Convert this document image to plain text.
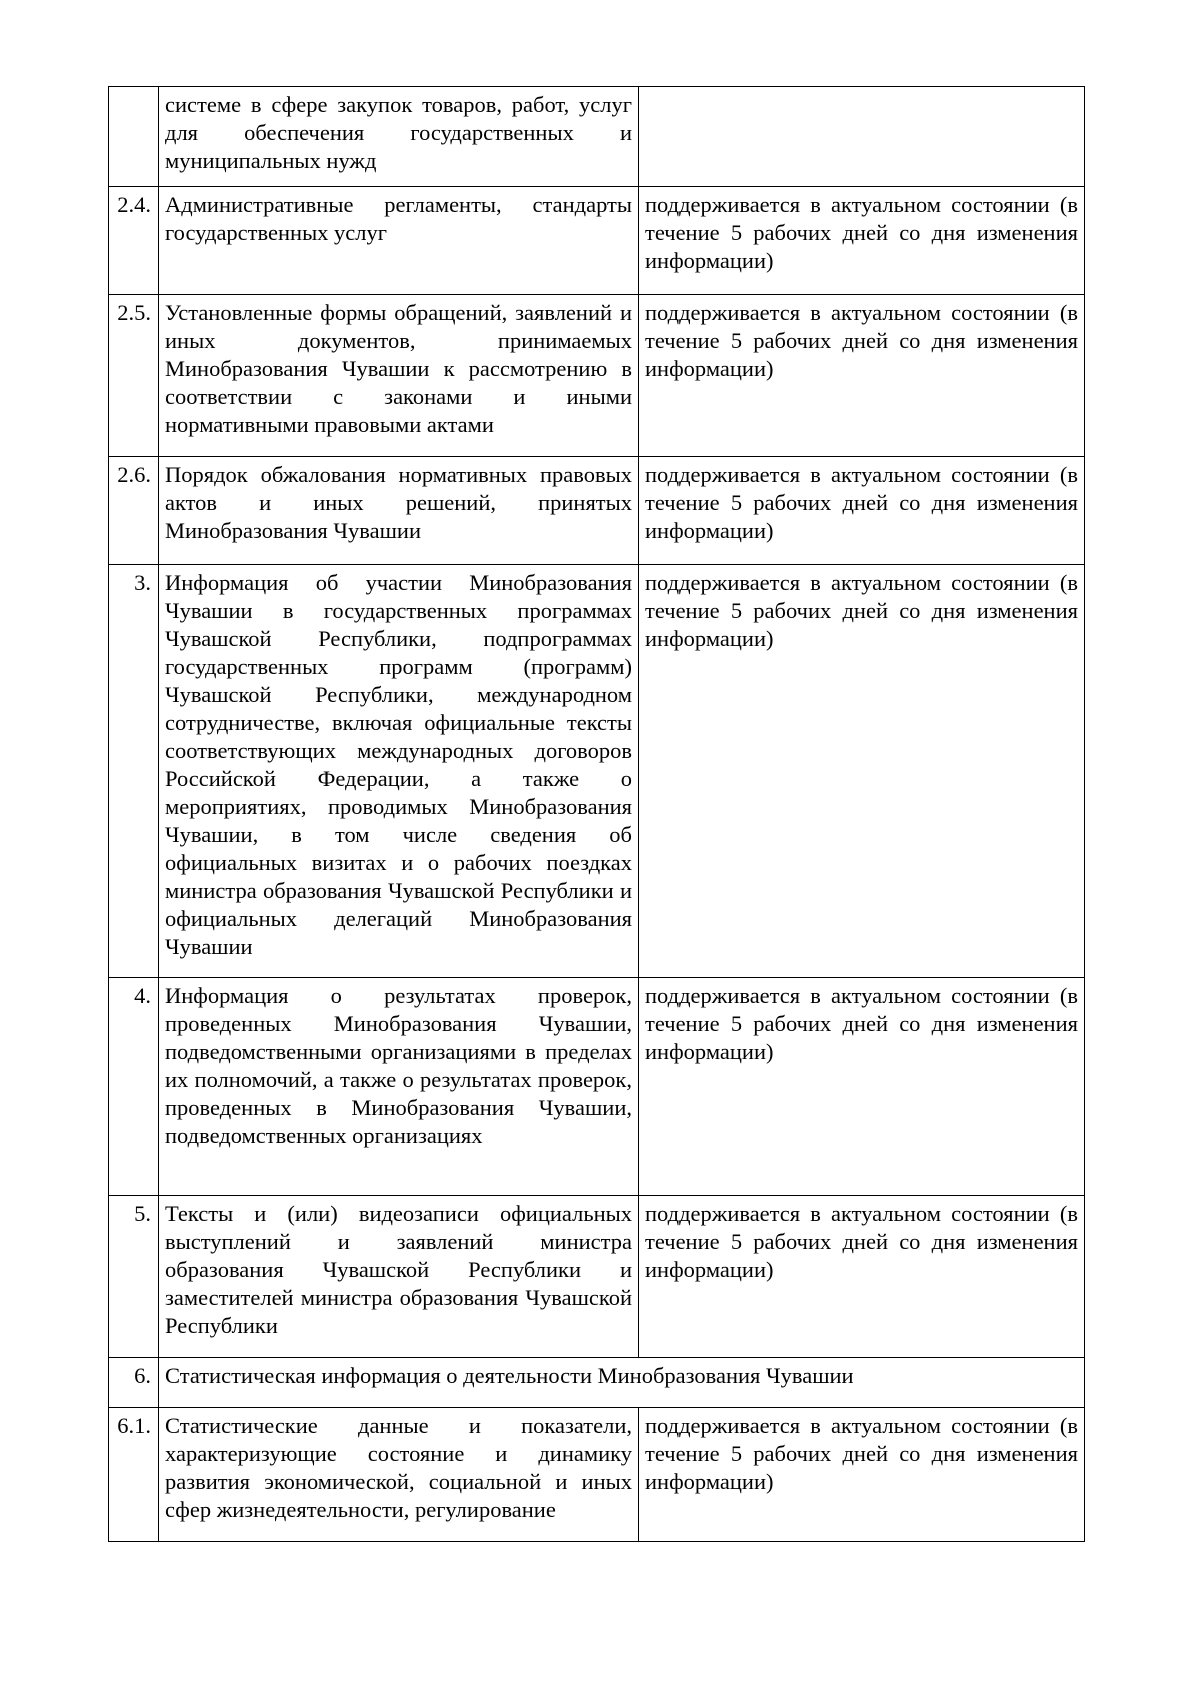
	системе в сфере закупок товаров, работ, услуг для обеспечения государственных и муниципальных нужд	
2.4.	Административные регламенты, стандарты государственных услуг	поддерживается в актуальном состоянии (в течение 5 рабочих дней со дня изменения информации)
2.5.	Установленные формы обращений, заявлений и иных документов, принимаемых Минобразования Чувашии к рассмотрению в соответствии с законами и иными нормативными правовыми актами	поддерживается в актуальном состоянии (в течение 5 рабочих дней со дня изменения информации)
2.6.	Порядок обжалования нормативных правовых актов и иных решений, принятых Минобразования Чувашии	поддерживается в актуальном состоянии (в течение 5 рабочих дней со дня изменения информации)
3.	Информация об участии Минобразования Чувашии в государственных программах Чувашской Республики, подпрограммах государственных программ (программ) Чувашской Республики, международном сотрудничестве, включая официальные тексты соответствующих международных договоров Российской Федерации, а также о мероприятиях, проводимых Минобразования Чувашии, в том числе сведения об официальных визитах и о рабочих поездках министра образования Чувашской Республики и официальных делегаций Минобразования Чувашии	поддерживается в актуальном состоянии (в течение 5 рабочих дней со дня изменения информации)
4.	Информация о результатах проверок, проведенных Минобразования Чувашии, подведомственными организациями в пределах их полномочий, а также о результатах проверок, проведенных в Минобразования Чувашии, подведомственных организациях	поддерживается в актуальном состоянии (в течение 5 рабочих дней со дня изменения информации)
5.	Тексты и (или) видеозаписи официальных выступлений и заявлений министра образования Чувашской Республики и заместителей министра образования Чувашской Республики	поддерживается в актуальном состоянии (в течение 5 рабочих дней со дня изменения информации)
6.	Статистическая информация о деятельности Минобразования Чувашии	
6.1.	Статистические данные и показатели, характеризующие состояние и динамику развития экономической, социальной и иных сфер жизнедеятельности, регулирование	поддерживается в актуальном состоянии (в течение 5 рабочих дней со дня изменения информации)
